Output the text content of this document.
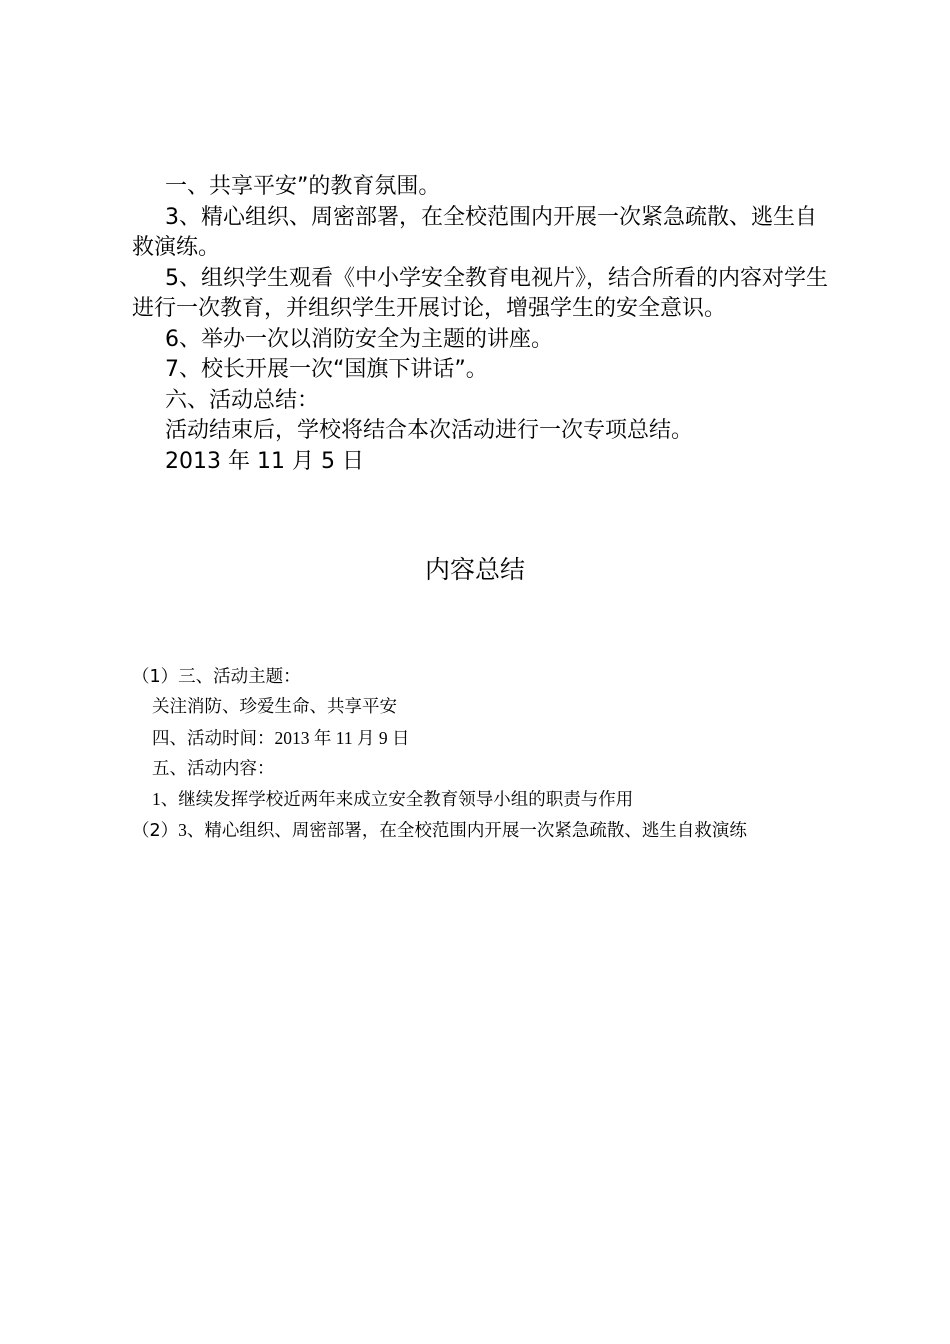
一、共享平安”的教育氛围。

3、精心组织、周密部署，在全校范围内开展一次紧急疏散、逃生自救演练。

5、组织学生观看《中小学安全教育电视片》，结合所看的内容对学生进行一次教育，并组织学生开展讨论，增强学生的安全意识。

6、举办一次以消防安全为主题的讲座。

7、校长开展一次“国旗下讲话”。

六、活动总结：

活动结束后，学校将结合本次活动进行一次专项总结。

2013 年 11 月 5 日

内容总结

（1）三、活动主题：

关注消防、珍爱生命、共享平安

四、活动时间：2013 年 11 月 9 日

五、活动内容：

1、继续发挥学校近两年来成立安全教育领导小组的职责与作用

（2）3、精心组织、周密部署，在全校范围内开展一次紧急疏散、逃生自救演练
